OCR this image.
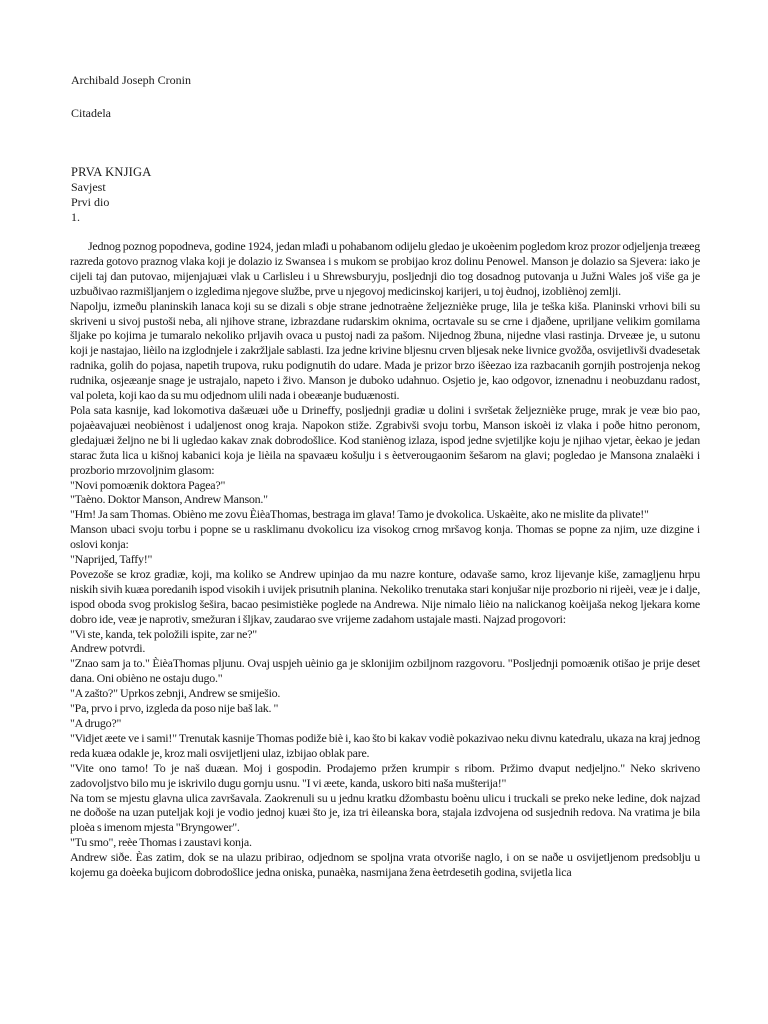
Archibald Joseph Cronin
Citadela
PRVA KNJIGA
Savjest
Prvi dio
1.

Jednog poznog popodneva, godine 1924, jedan mlađi u pohabanom odijelu gledao je ukoèenim pogledom kroz prozor odjeljenja treæeg razreda gotovo praznog vlaka koji je dolazio iz Swansea i s mukom se probijao kroz dolinu Penowel. Manson je dolazio sa Sjevera: iako je cijeli taj dan putovao, mijenjajuæi vlak u Carlisleu i u Shrewsburyju, posljednji dio tog dosadnog putovanja u Južni Wales još više ga je uzbuðivao razmišljanjem o izgledima njegove službe, prve u njegovoj medicinskoj karijeri, u toj èudnoj, izobliènoj zemlji.

Napolju, izmeðu planinskih lanaca koji su se dizali s obje strane jednotraène željeznièke pruge, lila je teška kiša. Planinski vrhovi bili su skriveni u sivoj pustoši neba, ali njihove strane, izbrazdane rudarskim oknima, ocrtavale su se crne i djaðene, upriljane velikim gomilama šljake po kojima je tumaralo nekoliko prljavih ovaca u pustoj nadi za pašom. Nijednog žbuna, nijedne vlasi rastinja. Drveæe je, u sutonu koji je nastajao, lièilo na izglodnjele i zakržljale sablasti. Iza jedne krivine bljesnu crven bljesak neke livnice gvožða, osvijetlivši dvadesetak radnika, golih do pojasa, napetih trupova, ruku podignutih do udare. Mada je prizor brzo išèezao iza razbacanih gornjih postrojenja nekog rudnika, osjeæanje snage je ustrajalo, napeto i živo. Manson je duboko udahnuo. Osjetio je, kao odgovor, iznenadnu i neobuzdanu radost, val poleta, koji kao da su mu odjednom ulili nada i obeæanje buduænosti.

Pola sata kasnije, kad lokomotiva dašæuæi uðe u Drineffy, posljednji gradiæ u dolini i svršetak željeznièke pruge, mrak je veæ bio pao, pojaèavajuæi neobiènost i udaljenost onog kraja. Napokon stiže. Zgrabivši svoju torbu, Manson iskoèi iz vlaka i poðe hitno peronom, gledajuæi željno ne bi li ugledao kakav znak dobrodošlice. Kod staniènog izlaza, ispod jedne svjetiljke koju je njihao vjetar, èekao je jedan starac žuta lica u kišnoj kabanici koja je lièila na spavaæu košulju i s èetverougaonim šešarom na glavi; pogledao je Mansona znalaèki i prozborio mrzovoljnim glasom:

"Novi pomoænik doktora Pagea?"

"Taèno. Doktor Manson, Andrew Manson."

"Hm! Ja sam Thomas. Obièno me zovu ÈièaThomas, bestraga im glava! Tamo je dvokolica. Uskaèite, ako ne mislite da plivate!"

Manson ubaci svoju torbu i popne se u rasklimanu dvokolicu iza visokog crnog mršavog konja. Thomas se popne za njim, uze dizgine i oslovi konja:

"Naprijed, Taffy!"

Povezoše se kroz gradiæ, koji, ma koliko se Andrew upinjao da mu nazre konture, odavaše samo, kroz lijevanje kiše, zamagljenu hrpu niskih sivih kuæa poredanih ispod visokih i uvijek prisutnih planina. Nekoliko trenutaka stari konjušar nije prozborio ni rijeèi, veæ je i dalje, ispod oboda svog prokislog šešira, bacao pesimistièke poglede na Andrewa. Nije nimalo lièio na nalickanog koèijaša nekog ljekara kome dobro ide, veæ je naprotiv, smežuran i šljkav, zaudarao sve vrijeme zadahom ustajale masti. Najzad progovori:

"Vi ste, kanda, tek položili ispite, zar ne?"

Andrew potvrdi.

"Znao sam ja to." ÈièaThomas pljunu. Ovaj uspjeh uèinio ga je sklonijim ozbiljnom razgovoru. "Posljednji pomoænik otišao je prije deset dana. Oni obièno ne ostaju dugo."

"A zašto?" Uprkos zebnji, Andrew se smiješio.

"Pa, prvo i prvo, izgleda da poso nije baš lak. "

"A drugo?"

"Vidjet æete ve i sami!" Trenutak kasnije Thomas podiže biè i, kao što bi kakav vodiè pokazivao neku divnu katedralu, ukaza na kraj jednog reda kuæa odakle je, kroz mali osvijetljeni ulaz, izbijao oblak pare.

"Vite ono tamo! To je naš duæan. Moj i gospodin. Prodajemo pržen krumpir s ribom. Pržimo dvaput nedjeljno." Neko skriveno zadovoljstvo bilo mu je iskrivilo dugu gornju usnu. "I vi æete, kanda, uskoro biti naša mušterija!"

Na tom se mjestu glavna ulica završavala. Zaokrenuli su u jednu kratku džombastu boènu ulicu i truckali se preko neke ledine, dok najzad ne doðoše na uzan puteljak koji je vodio jednoj kuæi što je, iza tri èileanska bora, stajala izdvojena od susjednih redova. Na vratima je bila ploèa s imenom mjesta "Bryngower".

"Tu smo", reèe Thomas i zaustavi konja.

Andrew siðe. Èas zatim, dok se na ulazu pribirao, odjednom se spoljna vrata otvoriše naglo, i on se naðe u osvijetljenom predsoblju u kojemu ga doèeka bujicom dobrodošlice jedna oniska, punaèka, nasmijana žena èetrdesetih godina, svijetla lica
